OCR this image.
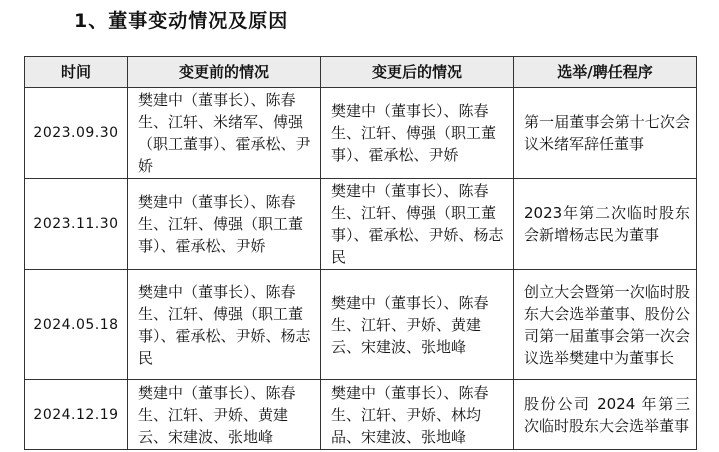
1、董事变动情况及原因
时间	变更前的情况	变更后的情况	选举/聘任程序
2023.09.30	樊建中（董事长）、陈春生、江轩、米绪军、傅强（职工董事）、霍承松、尹娇	樊建中（董事长）、陈春生、江轩、傅强（职工董事）、霍承松、尹娇	第一届董事会第十七次会议米绪军辞任董事
2023.11.30	樊建中（董事长）、陈春生、江轩、傅强（职工董事）、霍承松、尹娇	樊建中（董事长）、陈春生、江轩、傅强（职工董事）、霍承松、尹娇、杨志民	2023年第二次临时股东会新增杨志民为董事
2024.05.18	樊建中（董事长）、陈春生、江轩、傅强（职工董事）、霍承松、尹娇、杨志民	樊建中（董事长）、陈春生、江轩、尹娇、黄建云、宋建波、张地峰	创立大会暨第一次临时股东大会选举董事、股份公司第一届董事会第一次会议选举樊建中为董事长
2024.12.19	樊建中（董事长）、陈春生、江轩、尹娇、黄建云、宋建波、张地峰	樊建中（董事长）、陈春生、江轩、尹娇、林均品、宋建波、张地峰	股份公司 2024 年第三次临时股东大会选举董事
